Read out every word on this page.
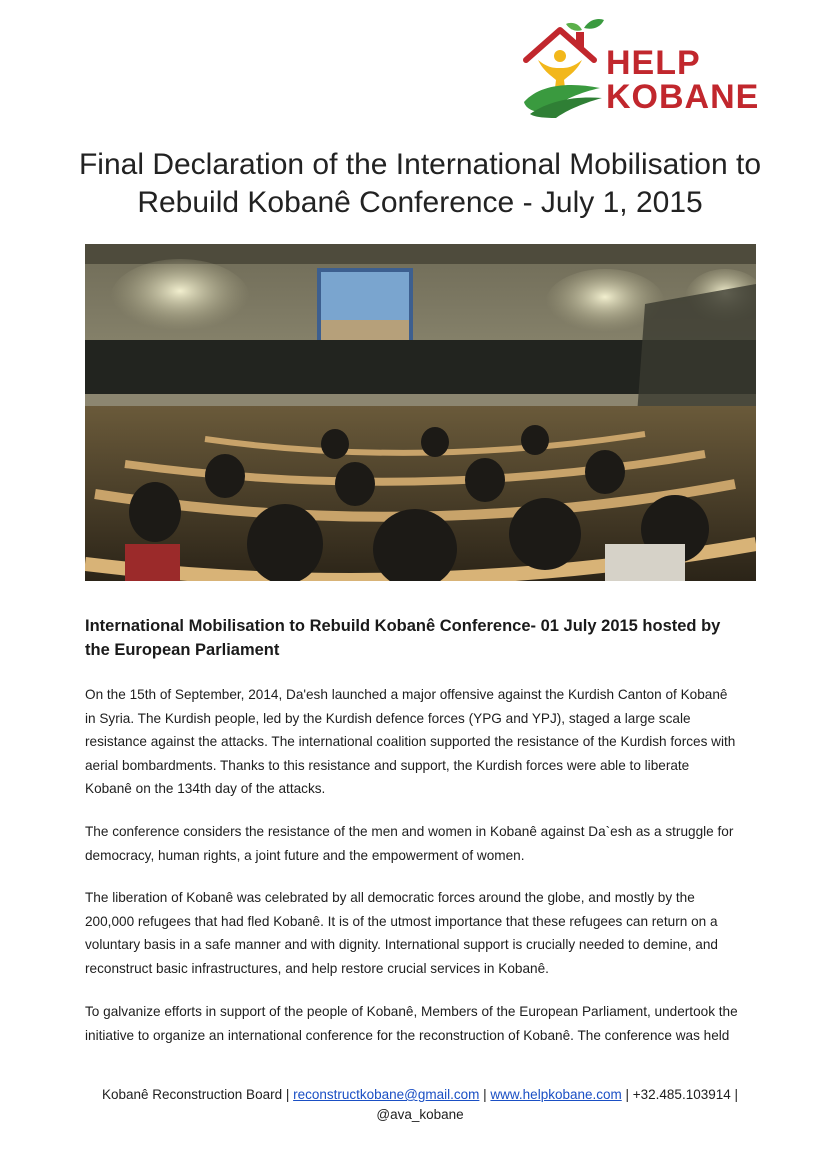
HELP
KOBANE
Final Declaration of the International Mobilisation to
Rebuild Kobanê Conference - July 1, 2015
International Mobilisation to Rebuild Kobanê Conference- 01 July 2015 hosted by
the European Parliament

On the 15th of September, 2014, Da'esh launched a major offensive against the Kurdish Canton of Kobanê
in Syria. The Kurdish people, led by the Kurdish defence forces (YPG and YPJ), staged a large scale
resistance against the attacks. The international coalition supported the resistance of the Kurdish forces with
aerial bombardments. Thanks to this resistance and support, the Kurdish forces were able to liberate
Kobanê on the 134th day of the attacks.

The conference considers the resistance of the men and women in Kobanê against Da`esh as a struggle for
democracy, human rights, a joint future and the empowerment of women.

The liberation of Kobanê was celebrated by all democratic forces around the globe, and mostly by the
200,000 refugees that had fled Kobanê. It is of the utmost importance that these refugees can return on a
voluntary basis in a safe manner and with dignity. International support is crucially needed to demine, and
reconstruct basic infrastructures, and help restore crucial services in Kobanê.

To galvanize efforts in support of the people of Kobanê, Members of the European Parliament, undertook the
initiative to organize an international conference for the reconstruction of Kobanê. The conference was held

Kobanê Reconstruction Board | reconstructkobane@gmail.com | www.helpkobane.com | +32.485.103914 |
@ava_kobane
